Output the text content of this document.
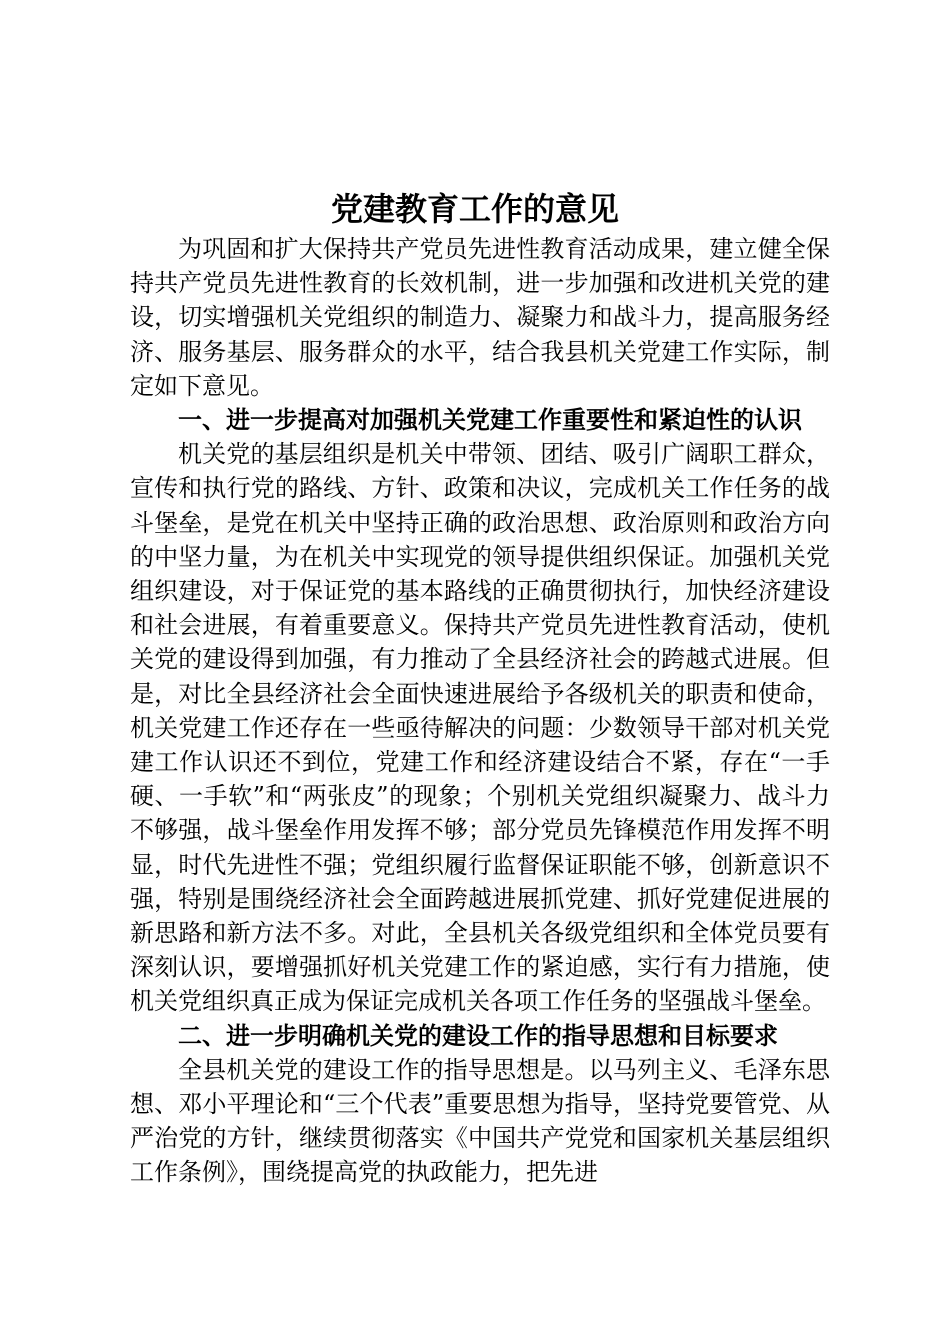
党建教育工作的意见

为巩固和扩大保持共产党员先进性教育活动成果，建立健全保持共产党员先进性教育的长效机制，进一步加强和改进机关党的建设，切实增强机关党组织的制造力、凝聚力和战斗力，提高服务经济、服务基层、服务群众的水平，结合我县机关党建工作实际，制定如下意见。

一、进一步提高对加强机关党建工作重要性和紧迫性的认识

机关党的基层组织是机关中带领、团结、吸引广阔职工群众，宣传和执行党的路线、方针、政策和决议，完成机关工作任务的战斗堡垒，是党在机关中坚持正确的政治思想、政治原则和政治方向的中坚力量，为在机关中实现党的领导提供组织保证。加强机关党组织建设，对于保证党的基本路线的正确贯彻执行，加快经济建设和社会进展，有着重要意义。保持共产党员先进性教育活动，使机关党的建设得到加强，有力推动了全县经济社会的跨越式进展。但是，对比全县经济社会全面快速进展给予各级机关的职责和使命，机关党建工作还存在一些亟待解决的问题：少数领导干部对机关党建工作认识还不到位，党建工作和经济建设结合不紧，存在“一手硬、一手软”和“两张皮”的现象；个别机关党组织凝聚力、战斗力不够强，战斗堡垒作用发挥不够；部分党员先锋模范作用发挥不明显，时代先进性不强；党组织履行监督保证职能不够，创新意识不强，特别是围绕经济社会全面跨越进展抓党建、抓好党建促进展的新思路和新方法不多。对此，全县机关各级党组织和全体党员要有深刻认识，要增强抓好机关党建工作的紧迫感，实行有力措施，使机关党组织真正成为保证完成机关各项工作任务的坚强战斗堡垒。

二、进一步明确机关党的建设工作的指导思想和目标要求

全县机关党的建设工作的指导思想是。以马列主义、毛泽东思想、邓小平理论和“三个代表”重要思想为指导，坚持党要管党、从严治党的方针，继续贯彻落实《中国共产党党和国家机关基层组织工作条例》，围绕提高党的执政能力，把先进
